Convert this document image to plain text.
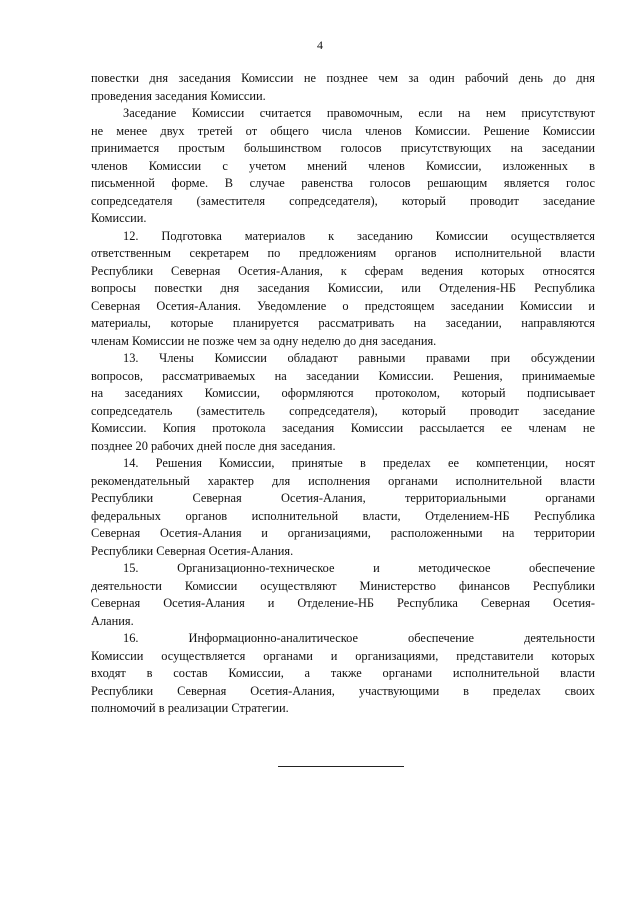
4
повестки дня заседания Комиссии не позднее чем за один рабочий день до дня
проведения заседания Комиссии.
Заседание Комиссии считается правомочным, если на нем присутствуют
не менее двух третей от общего числа членов Комиссии. Решение Комиссии
принимается простым большинством голосов присутствующих на заседании
членов Комиссии с учетом мнений членов Комиссии, изложенных в
письменной форме. В случае равенства голосов решающим является голос
сопредседателя (заместителя сопредседателя), который проводит заседание
Комиссии.
12. Подготовка материалов к заседанию Комиссии осуществляется
ответственным секретарем по предложениям органов исполнительной власти
Республики Северная Осетия-Алания, к сферам ведения которых относятся
вопросы повестки дня заседания Комиссии, или Отделения-НБ Республика
Северная Осетия-Алания. Уведомление о предстоящем заседании Комиссии и
материалы, которые планируется рассматривать на заседании, направляются
членам Комиссии не позже чем за одну неделю до дня заседания.
13. Члены Комиссии обладают равными правами при обсуждении
вопросов, рассматриваемых на заседании Комиссии. Решения, принимаемые
на заседаниях Комиссии, оформляются протоколом, который подписывает
сопредседатель (заместитель сопредседателя), который проводит заседание
Комиссии. Копия протокола заседания Комиссии рассылается ее членам не
позднее 20 рабочих дней после дня заседания.
14. Решения Комиссии, принятые в пределах ее компетенции, носят
рекомендательный характер для исполнения органами исполнительной власти
Республики Северная Осетия-Алания, территориальными органами
федеральных органов исполнительной власти, Отделением-НБ Республика
Северная Осетия-Алания и организациями, расположенными на территории
Республики Северная Осетия-Алания.
15. Организационно-техническое и методическое обеспечение
деятельности Комиссии осуществляют Министерство финансов Республики
Северная Осетия-Алания и Отделение-НБ Республика Северная Осетия-
Алания.
16. Информационно-аналитическое обеспечение деятельности
Комиссии осуществляется органами и организациями, представители которых
входят в состав Комиссии, а также органами исполнительной власти
Республики Северная Осетия-Алания, участвующими в пределах своих
полномочий в реализации Стратегии.
